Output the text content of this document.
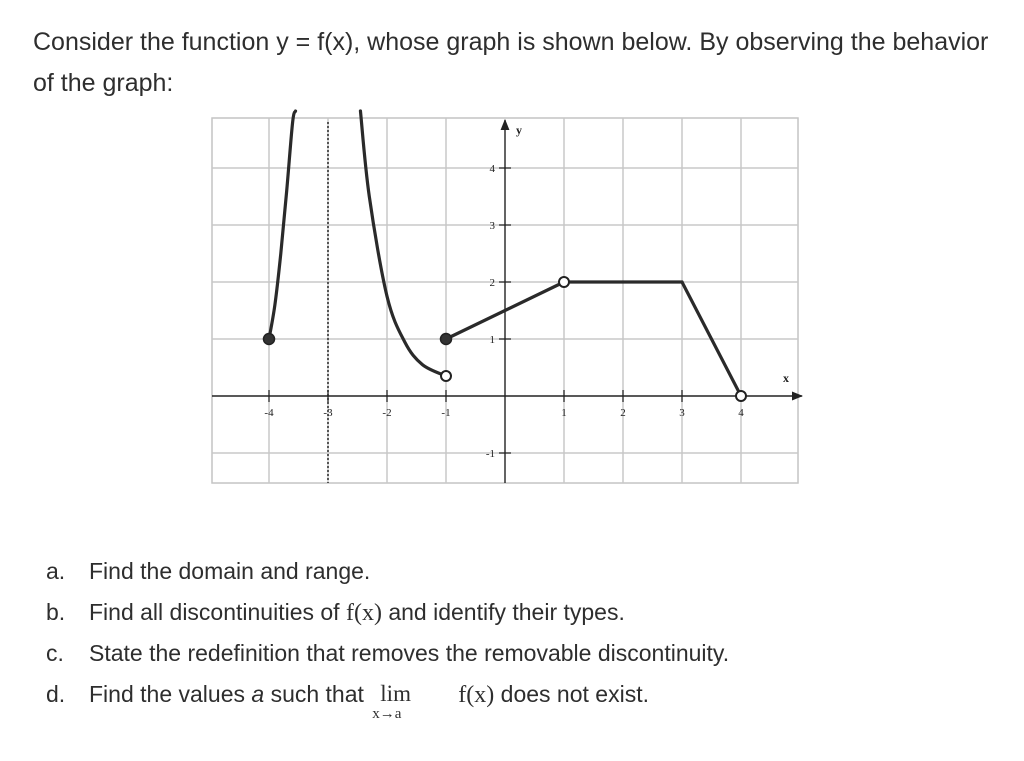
Consider the function y = f(x), whose graph is shown below. By observing the behavior of the graph:
-4	-3	-2	-1	1	2	3	4
4
3
2
1
-1
x
y
a. Find the domain and range.
b. Find all discontinuities of f(x) and identify their types.
c. State the redefinition that removes the removable discontinuity.
d. Find the values a such that lim
x→a
f(x) does not exist.
